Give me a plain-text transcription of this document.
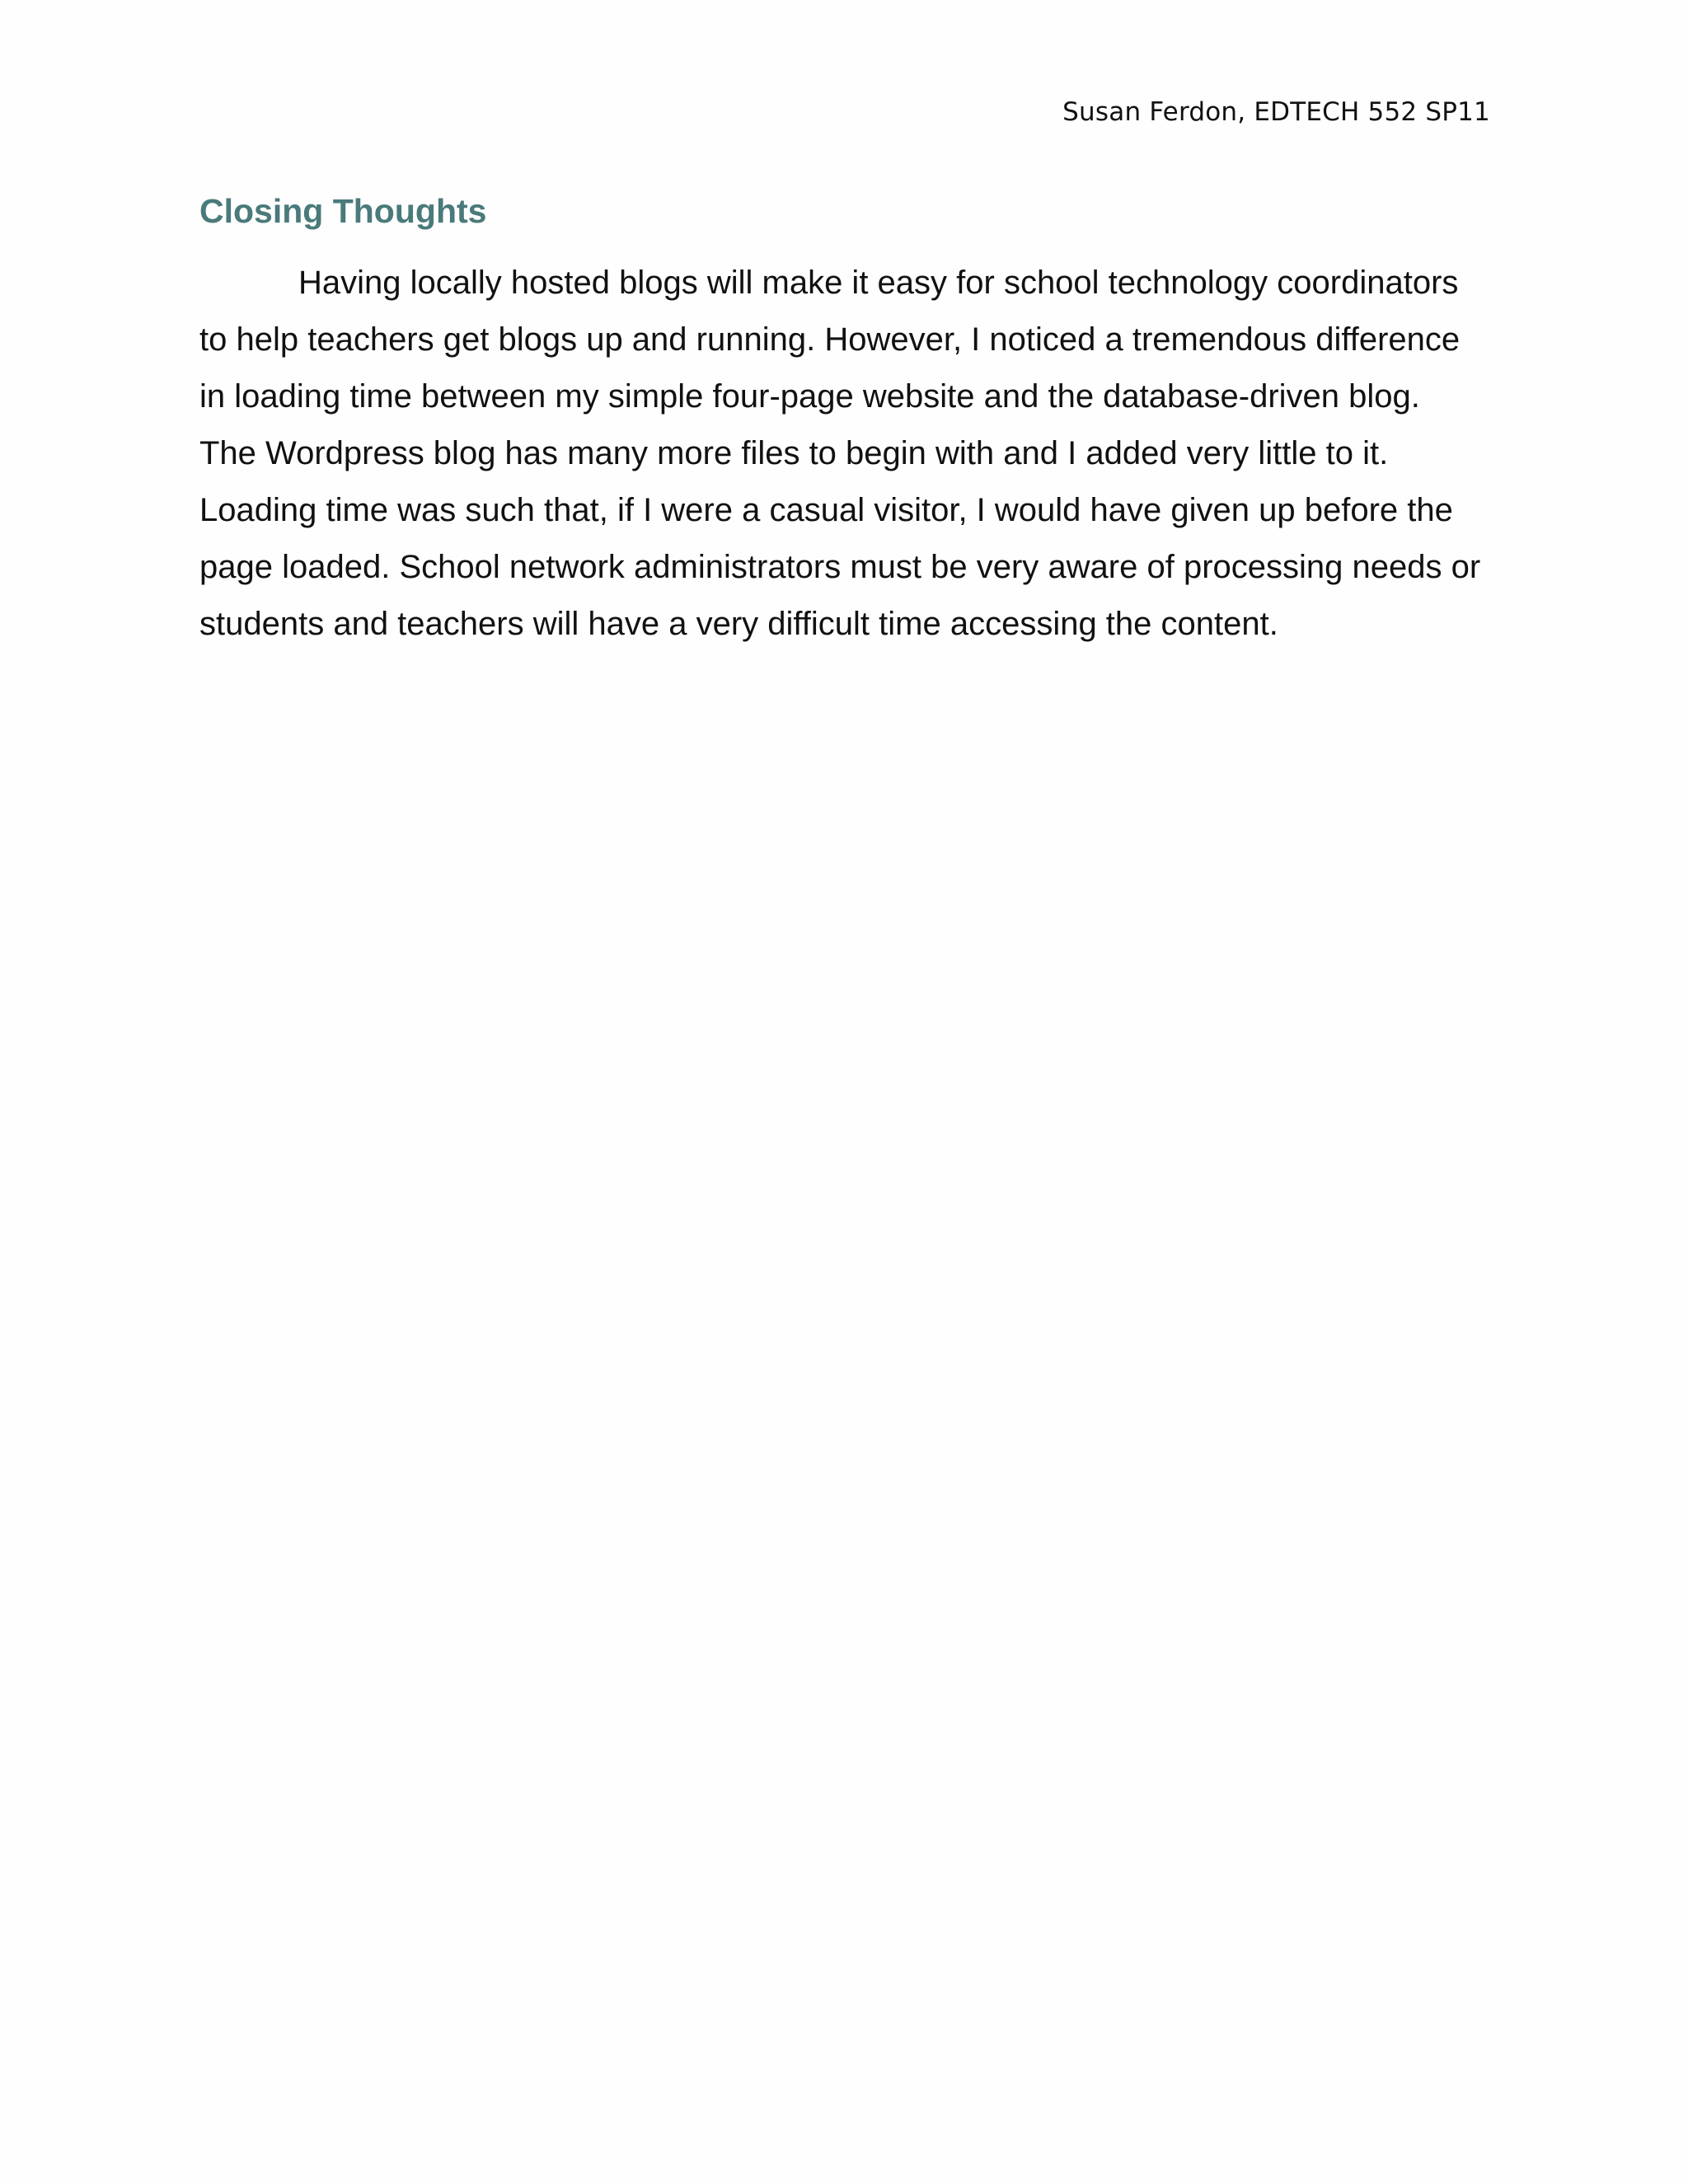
Susan Ferdon, EDTECH 552 SP11
Closing Thoughts

Having locally hosted blogs will make it easy for school technology coordinators
to help teachers get blogs up and running. However, I noticed a tremendous difference
in loading time between my simple four-page website and the database-driven blog.
The Wordpress blog has many more files to begin with and I added very little to it.
Loading time was such that, if I were a casual visitor, I would have given up before the
page loaded. School network administrators must be very aware of processing needs or
students and teachers will have a very difficult time accessing the content.
